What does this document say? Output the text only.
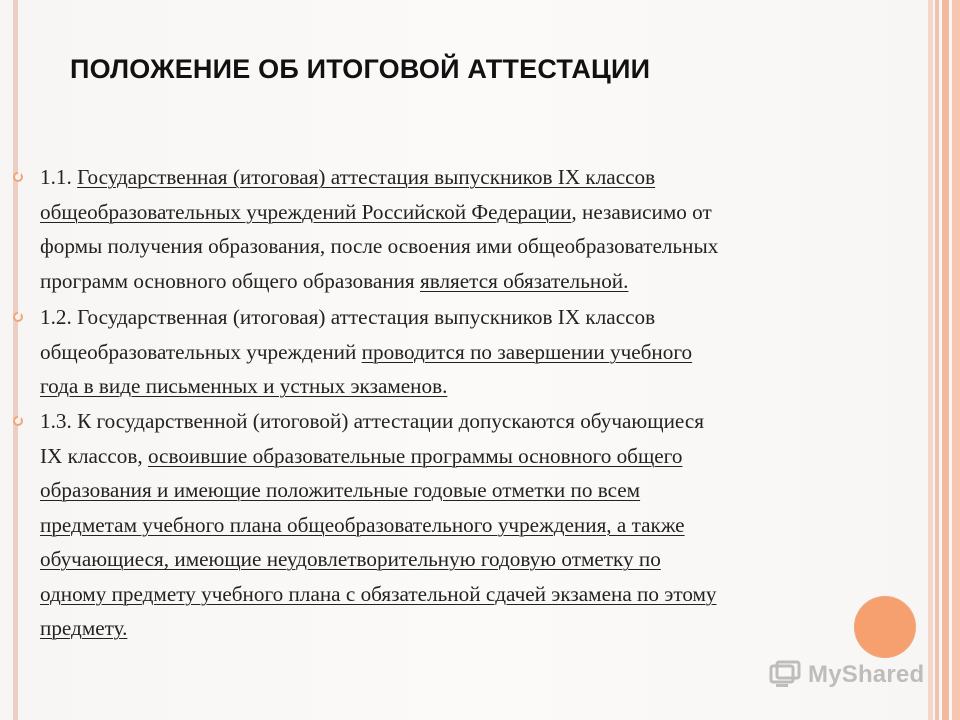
ПОЛОЖЕНИЕ ОБ ИТОГОВОЙ АТТЕСТАЦИИ
1.1. Государственная (итоговая) аттестация выпускников IX классов
общеобразовательных учреждений Российской Федерации, независимо от
формы получения образования, после освоения ими общеобразовательных
программ основного общего образования является обязательной.
1.2. Государственная (итоговая) аттестация выпускников IX классов
общеобразовательных учреждений проводится по завершении учебного
года в виде письменных и устных экзаменов.
1.3. К государственной (итоговой) аттестации допускаются обучающиеся
IX классов, освоившие образовательные программы основного общего
образования и имеющие положительные годовые отметки по всем
предметам учебного плана общеобразовательного учреждения, а также
обучающиеся, имеющие неудовлетворительную годовую отметку по
одному предмету учебного плана с обязательной сдачей экзамена по этому
предмету.
MyShared
